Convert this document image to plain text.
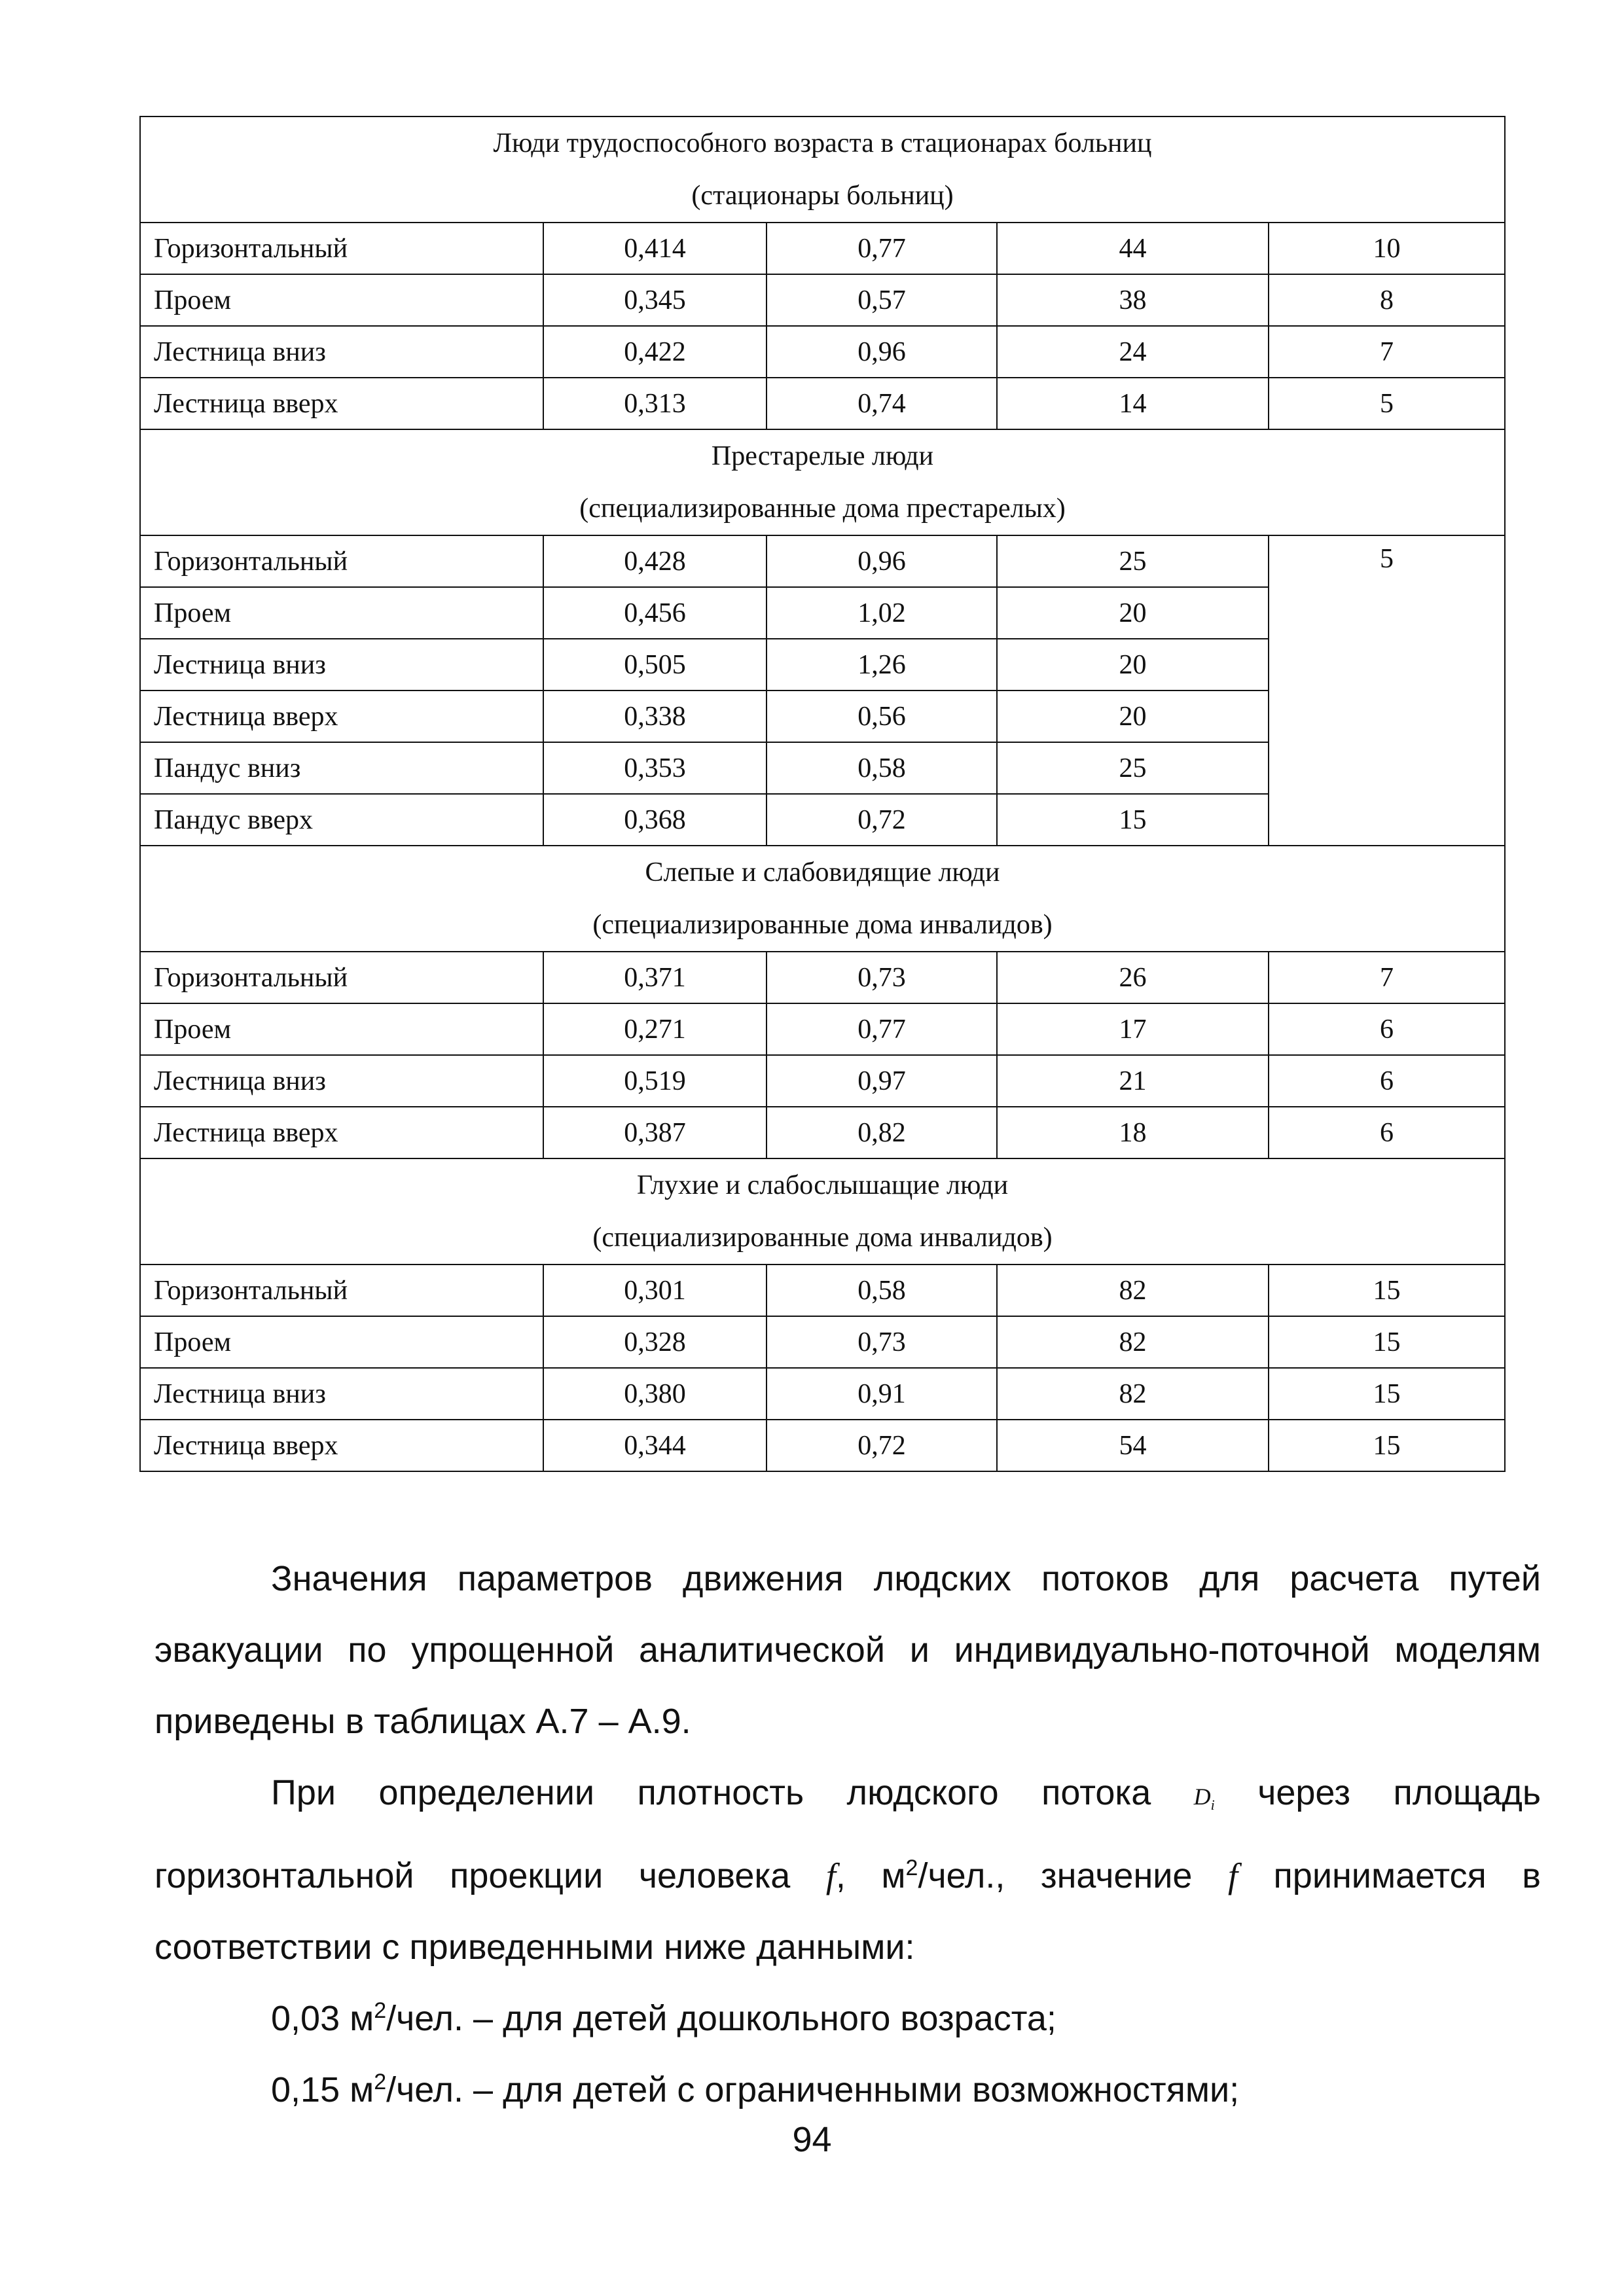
Люди трудоспособного возраста в стационарах больниц
(стационары больниц)				

Горизонтальный	0,414	0,77	44	10
Проем	0,345	0,57	38	8
Лестница вниз	0,422	0,96	24	7
Лестница вверх	0,313	0,74	14	5

Престарелые люди
(специализированные дома престарелых)				

Горизонтальный	0,428	0,96	25	5
Проем	0,456	1,02	20	
Лестница вниз	0,505	1,26	20	
Лестница вверх	0,338	0,56	20	
Пандус вниз	0,353	0,58	25	
Пандус вверх	0,368	0,72	15	

Слепые и слабовидящие люди
(специализированные дома инвалидов)				

Горизонтальный	0,371	0,73	26	7
Проем	0,271	0,77	17	6
Лестница вниз	0,519	0,97	21	6
Лестница вверх	0,387	0,82	18	6

Глухие и слабослышащие люди
(специализированные дома инвалидов)				

Горизонтальный	0,301	0,58	82	15
Проем	0,328	0,73	82	15
Лестница вниз	0,380	0,91	82	15
Лестница вверх	0,344	0,72	54	15

Значения параметров движения людских потоков для расчета путей эвакуации по упрощенной аналитической и индивидуально-поточной моделям приведены в таблицах А.7 – А.9.

При определении плотность людского потока $D_i$ через площадь горизонтальной проекции человека f, $м^2$/чел., значение f принимается в соответствии с приведенными ниже данными:

0,03 $м^2$/чел. – для детей дошкольного возраста;

0,15 $м^2$/чел. – для детей с ограниченными возможностями;

94
